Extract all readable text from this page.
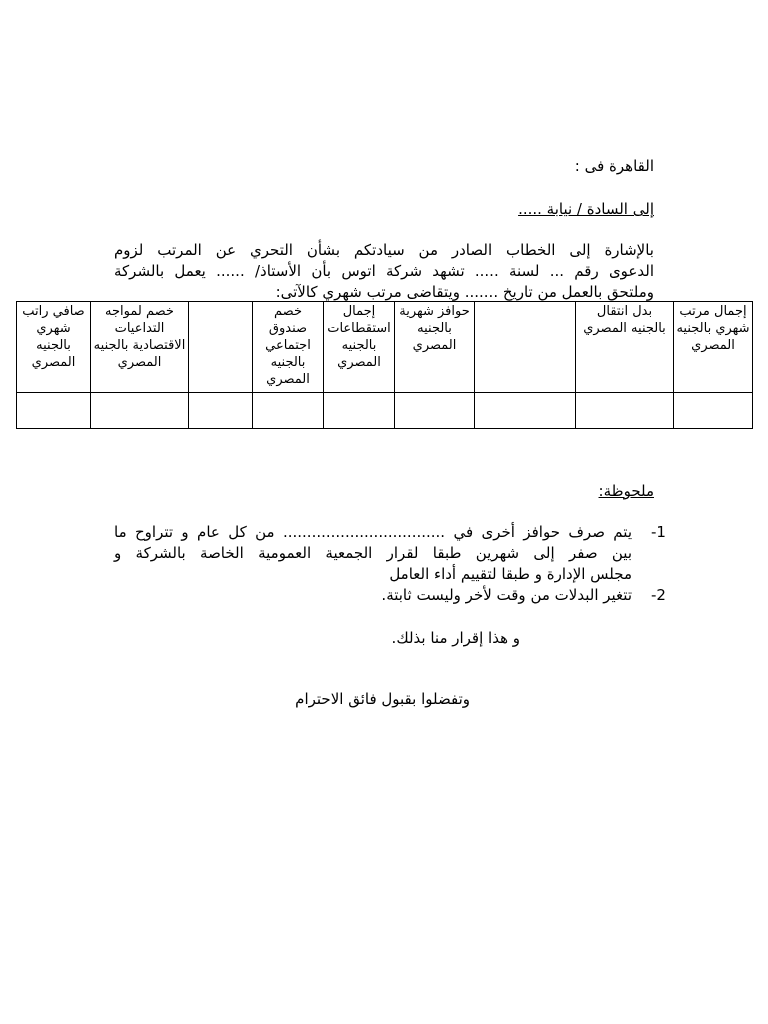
القاهرة فى :
إلى السادة / نيابة .....
بالإشارة إلى الخطاب الصادر من سيادتكم بشأن التحري عن المرتب لزوم
الدعوى رقم ... لسنة ..... تشهد شركة اتوس بأن الأستاذ/ ...... يعمل بالشركة
وملتحق بالعمل من تاريخ ....... ويتقاضى مرتب شهري كالآتى:
إجمال مرتب شهري بالجنيه المصري	بدل انتقال بالجنيه المصري		حوافز شهرية بالجنيه المصري	إجمال استقطاعات بالجنيه المصري	خصم صندوق اجتماعي بالجنيه المصري		خصم لمواجه التداعيات الاقتصادية بالجنيه المصري	صافي راتب شهري بالجنيه المصري

ملحوظة:
-1
يتم صرف حوافز أخرى في .................................. من كل عام و تتراوح ما
بين صفر إلى شهرين طبقا لقرار الجمعية العمومية الخاصة بالشركة و
مجلس الإدارة و طبقا لتقييم أداء العامل
-2
تتغير البدلات من وقت لأخر وليست ثابتة.
و هذا إقرار منا بذلك.
وتفضلوا بقبول فائق الاحترام
